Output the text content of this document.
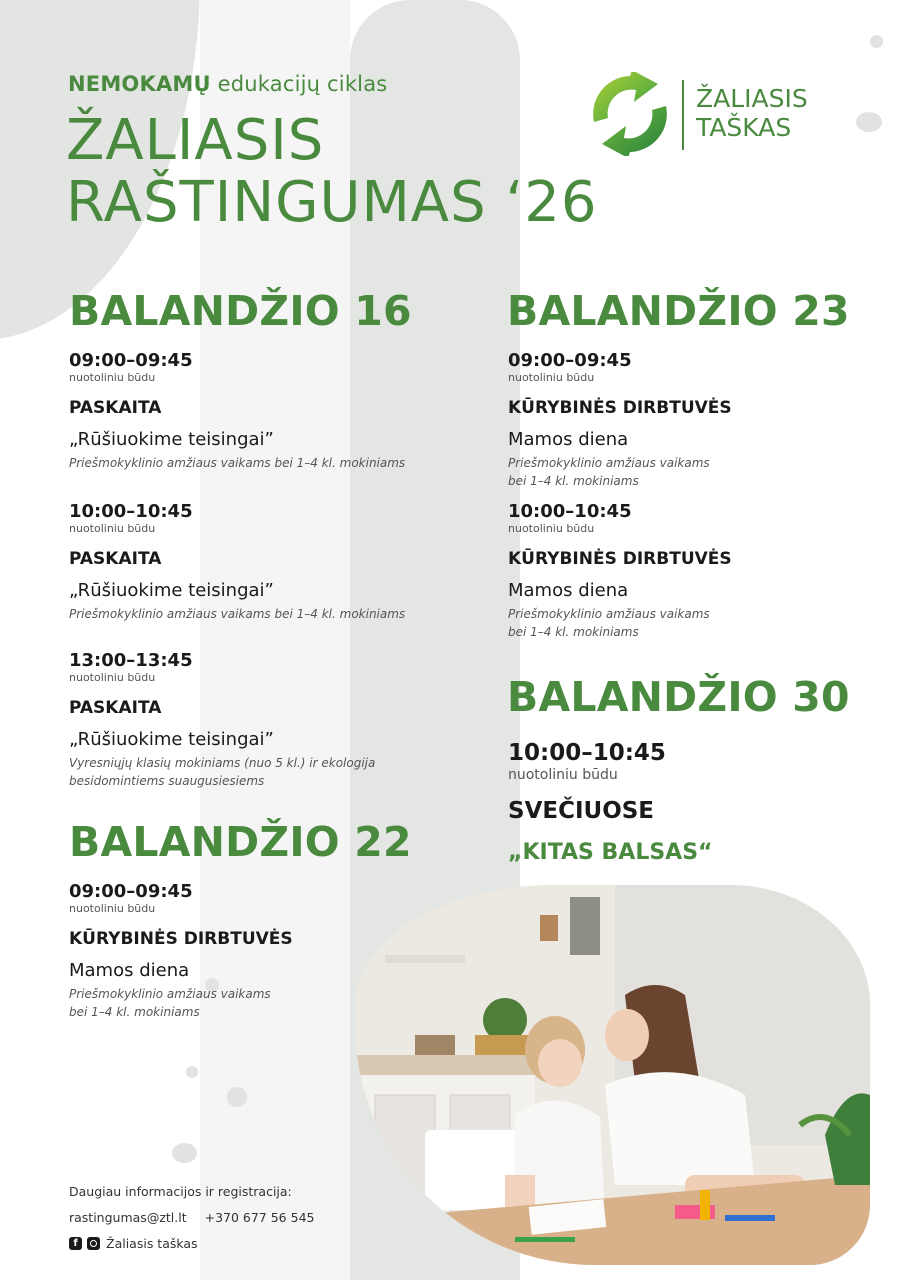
NEMOKAMŲ edukacijų ciklas
ŽALIASIS
RAŠTINGUMAS ‘26
ŽALIASIS
TAŠKAS
BALANDŽIO 16
09:00–09:45
nuotoliniu būdu
PASKAITA
„Rūšiuokime teisingai”
Priešmokyklinio amžiaus vaikams bei 1–4 kl. mokiniams
10:00–10:45
nuotoliniu būdu
PASKAITA
„Rūšiuokime teisingai”
Priešmokyklinio amžiaus vaikams bei 1–4 kl. mokiniams
13:00–13:45
nuotoliniu būdu
PASKAITA
„Rūšiuokime teisingai”
Vyresniųjų klasių mokiniams (nuo 5 kl.) ir ekologija
besidomintiems suaugusiesiems
BALANDŽIO 22
09:00–09:45
nuotoliniu būdu
KŪRYBINĖS DIRBTUVĖS
Mamos diena
Priešmokyklinio amžiaus vaikams
bei 1–4 kl. mokiniams
BALANDŽIO 23
09:00–09:45
nuotoliniu būdu
KŪRYBINĖS DIRBTUVĖS
Mamos diena
Priešmokyklinio amžiaus vaikams
bei 1–4 kl. mokiniams
10:00–10:45
nuotoliniu būdu
KŪRYBINĖS DIRBTUVĖS
Mamos diena
Priešmokyklinio amžiaus vaikams
bei 1–4 kl. mokiniams
BALANDŽIO 30
10:00–10:45
nuotoliniu būdu
SVEČIUOSE
„KITAS BALSAS“
Daugiau informacijos ir registracija:
rastingumas@ztl.lt +370 677 56 545
f	Žaliasis taškas
